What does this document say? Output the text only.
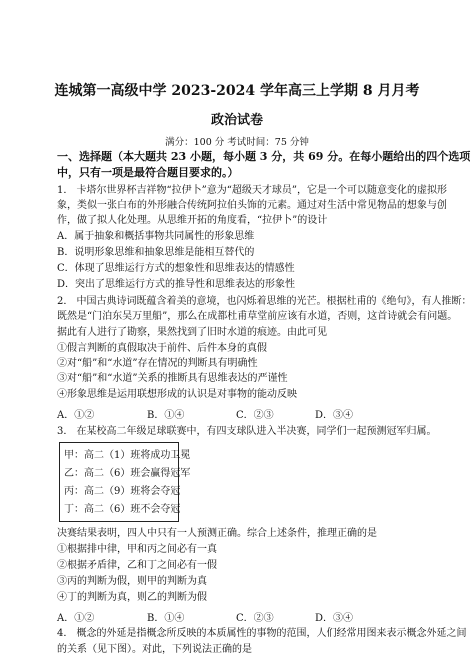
连城第一高级中学 2023-2024 学年高三上学期 8 月月考
政治试卷
满分：100 分 考试时间：75 分钟
一、选择题（本大题共 23 小题，每小题 3 分，共 69 分。在每小题给出的四个选项
中，只有一项是最符合题目要求的。）
1． 卡塔尔世界杯吉祥物“拉伊卜”意为“超级天才球员”，它是一个可以随意变化的虚拟形
象，类似一张白布的外形融合传统阿拉伯头饰的元素。通过对生活中常见物品的想象与创
作，做了拟人化处理。从思维开拓的角度看，“拉伊卜”的设计
A．属于抽象和概括事物共同属性的形象思维
B．说明形象思维和抽象思维是能相互替代的
C．体现了思维运行方式的想象性和思维表达的情感性
D．突出了思维运行方式的推导性和思维表达的形象性
2． 中国古典诗词既蕴含着美的意境，也闪烁着思维的光芒。根据杜甫的《绝句》，有人推断：
既然是“门泊东吴万里船”，那么在成都杜甫草堂前应该有水道，否则，这首诗就会有问题。
据此有人进行了勘察，果然找到了旧时水道的痕迹。由此可见
①假言判断的真假取决于前件、后件本身的真假
②对“船”和“水道”存在情况的判断具有明确性
③对“船”和“水道”关系的推断具有思维表达的严谨性
④形象思维是运用联想形成的认识是对事物的能动反映
A．①②	B．①④	C．②③	D．③④
3． 在某校高二年级足球联赛中，有四支球队进入半决赛，同学们一起预测冠军归属。
甲：高二（1）班将成功卫冕
乙：高二（6）班会赢得冠军
丙：高二（9）班将会夺冠
丁：高二（6）班不会夺冠
决赛结果表明，四人中只有一人预测正确。综合上述条件，推理正确的是
①根据排中律，甲和丙之间必有一真
②根据矛盾律，乙和丁之间必有一假
③丙的判断为假，则甲的判断为真
④丁的判断为真，则乙的判断为假
A．①②	B．①④	C．②③	D．③④
4． 概念的外延是指概念所反映的本质属性的事物的范围，人们经常用图来表示概念外延之间
的关系（见下图）。对此，下列说法正确的是
